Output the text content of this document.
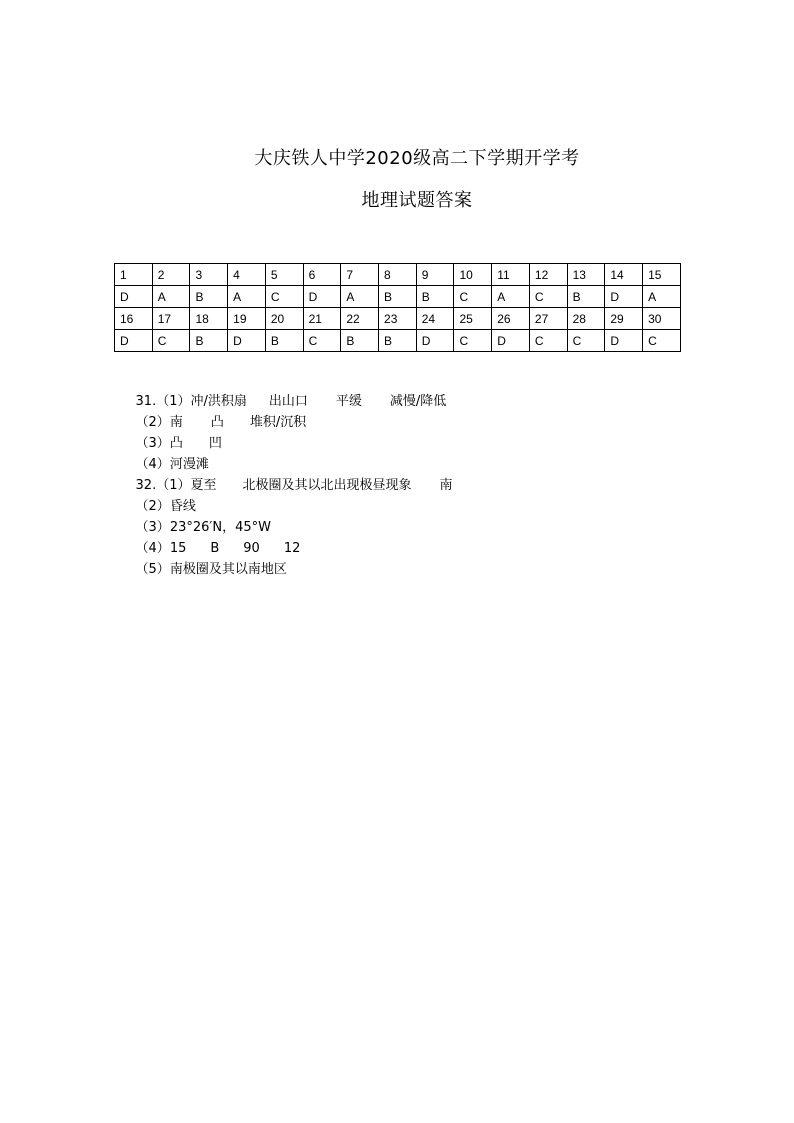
大庆铁人中学2020级高二下学期开学考
地理试题答案
1	2	3	4	5	6	7	8	9	10	11	12	13	14	15
D	A	B	A	C	D	A	B	B	C	A	C	B	D	A
16	17	18	19	20	21	22	23	24	25	26	27	28	29	30
D	C	B	D	B	C	B	B	D	C	D	C	C	D	C

31.（1）冲/洪积扇 出山口 平缓 减慢/降低

（2）南 凸 堆积/沉积

（3）凸 凹

（4）河漫滩

32.（1）夏至 北极圈及其以北出现极昼现象 南

（2）昏线

（3）23°26′N，45°W

（4）15 B 90 12

（5）南极圈及其以南地区
